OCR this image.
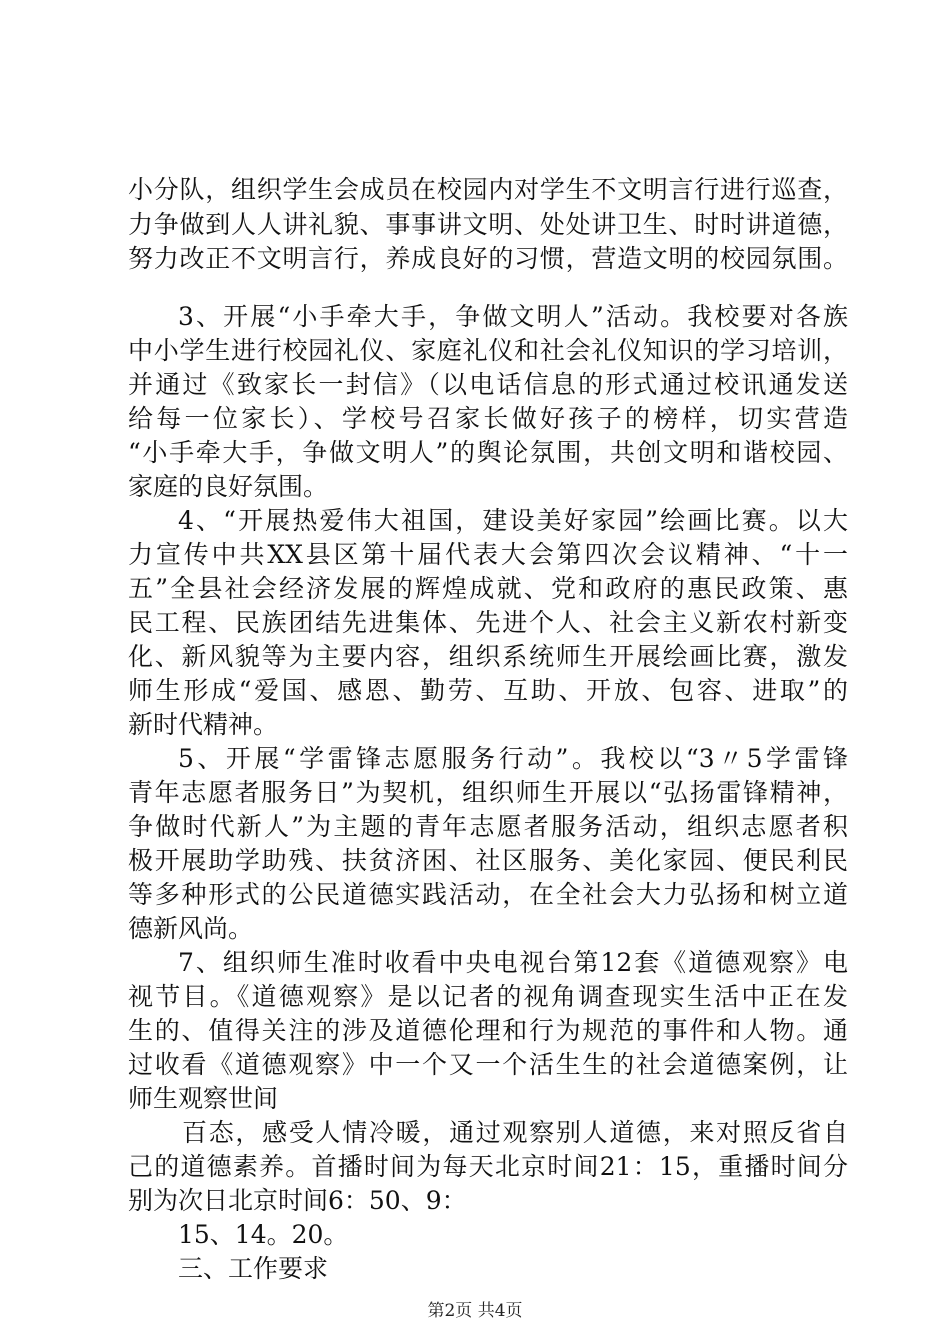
小分队，组织学生会成员在校园内对学生不文明言行进行巡查，
力争做到人人讲礼貌、事事讲文明、处处讲卫生、时时讲道德，
努力改正不文明言行，养成良好的习惯，营造文明的校园氛围。
3、开展“小手牵大手，争做文明人”活动。我校要对各族
中小学生进行校园礼仪、家庭礼仪和社会礼仪知识的学习培训，
并通过《致家长一封信》（以电话信息的形式通过校讯通发送
给每一位家长）、学校号召家长做好孩子的榜样，切实营造
“小手牵大手，争做文明人”的舆论氛围，共创文明和谐校园、
家庭的良好氛围。
4、“开展热爱伟大祖国，建设美好家园”绘画比赛。以大
力宣传中共XX县区第十届代表大会第四次会议精神、“十一
五”全县社会经济发展的辉煌成就、党和政府的惠民政策、惠
民工程、民族团结先进集体、先进个人、社会主义新农村新变
化、新风貌等为主要内容，组织系统师生开展绘画比赛，激发
师生形成“爱国、感恩、勤劳、互助、开放、包容、进取”的
新时代精神。
5、开展“学雷锋志愿服务行动”。我校以“3〃5学雷锋
青年志愿者服务日”为契机，组织师生开展以“弘扬雷锋精神，
争做时代新人”为主题的青年志愿者服务活动，组织志愿者积
极开展助学助残、扶贫济困、社区服务、美化家园、便民利民
等多种形式的公民道德实践活动，在全社会大力弘扬和树立道
德新风尚。
7、组织师生准时收看中央电视台第12套《道德观察》电
视节目。《道德观察》是以记者的视角调查现实生活中正在发
生的、值得关注的涉及道德伦理和行为规范的事件和人物。通
过收看《道德观察》中一个又一个活生生的社会道德案例，让
师生观察世间
百态，感受人情冷暖，通过观察别人道德，来对照反省自
己的道德素养。首播时间为每天北京时间21：15，重播时间分
别为次日北京时间6：50、9：
15、14。20。
三、工作要求
第2页 共4页
